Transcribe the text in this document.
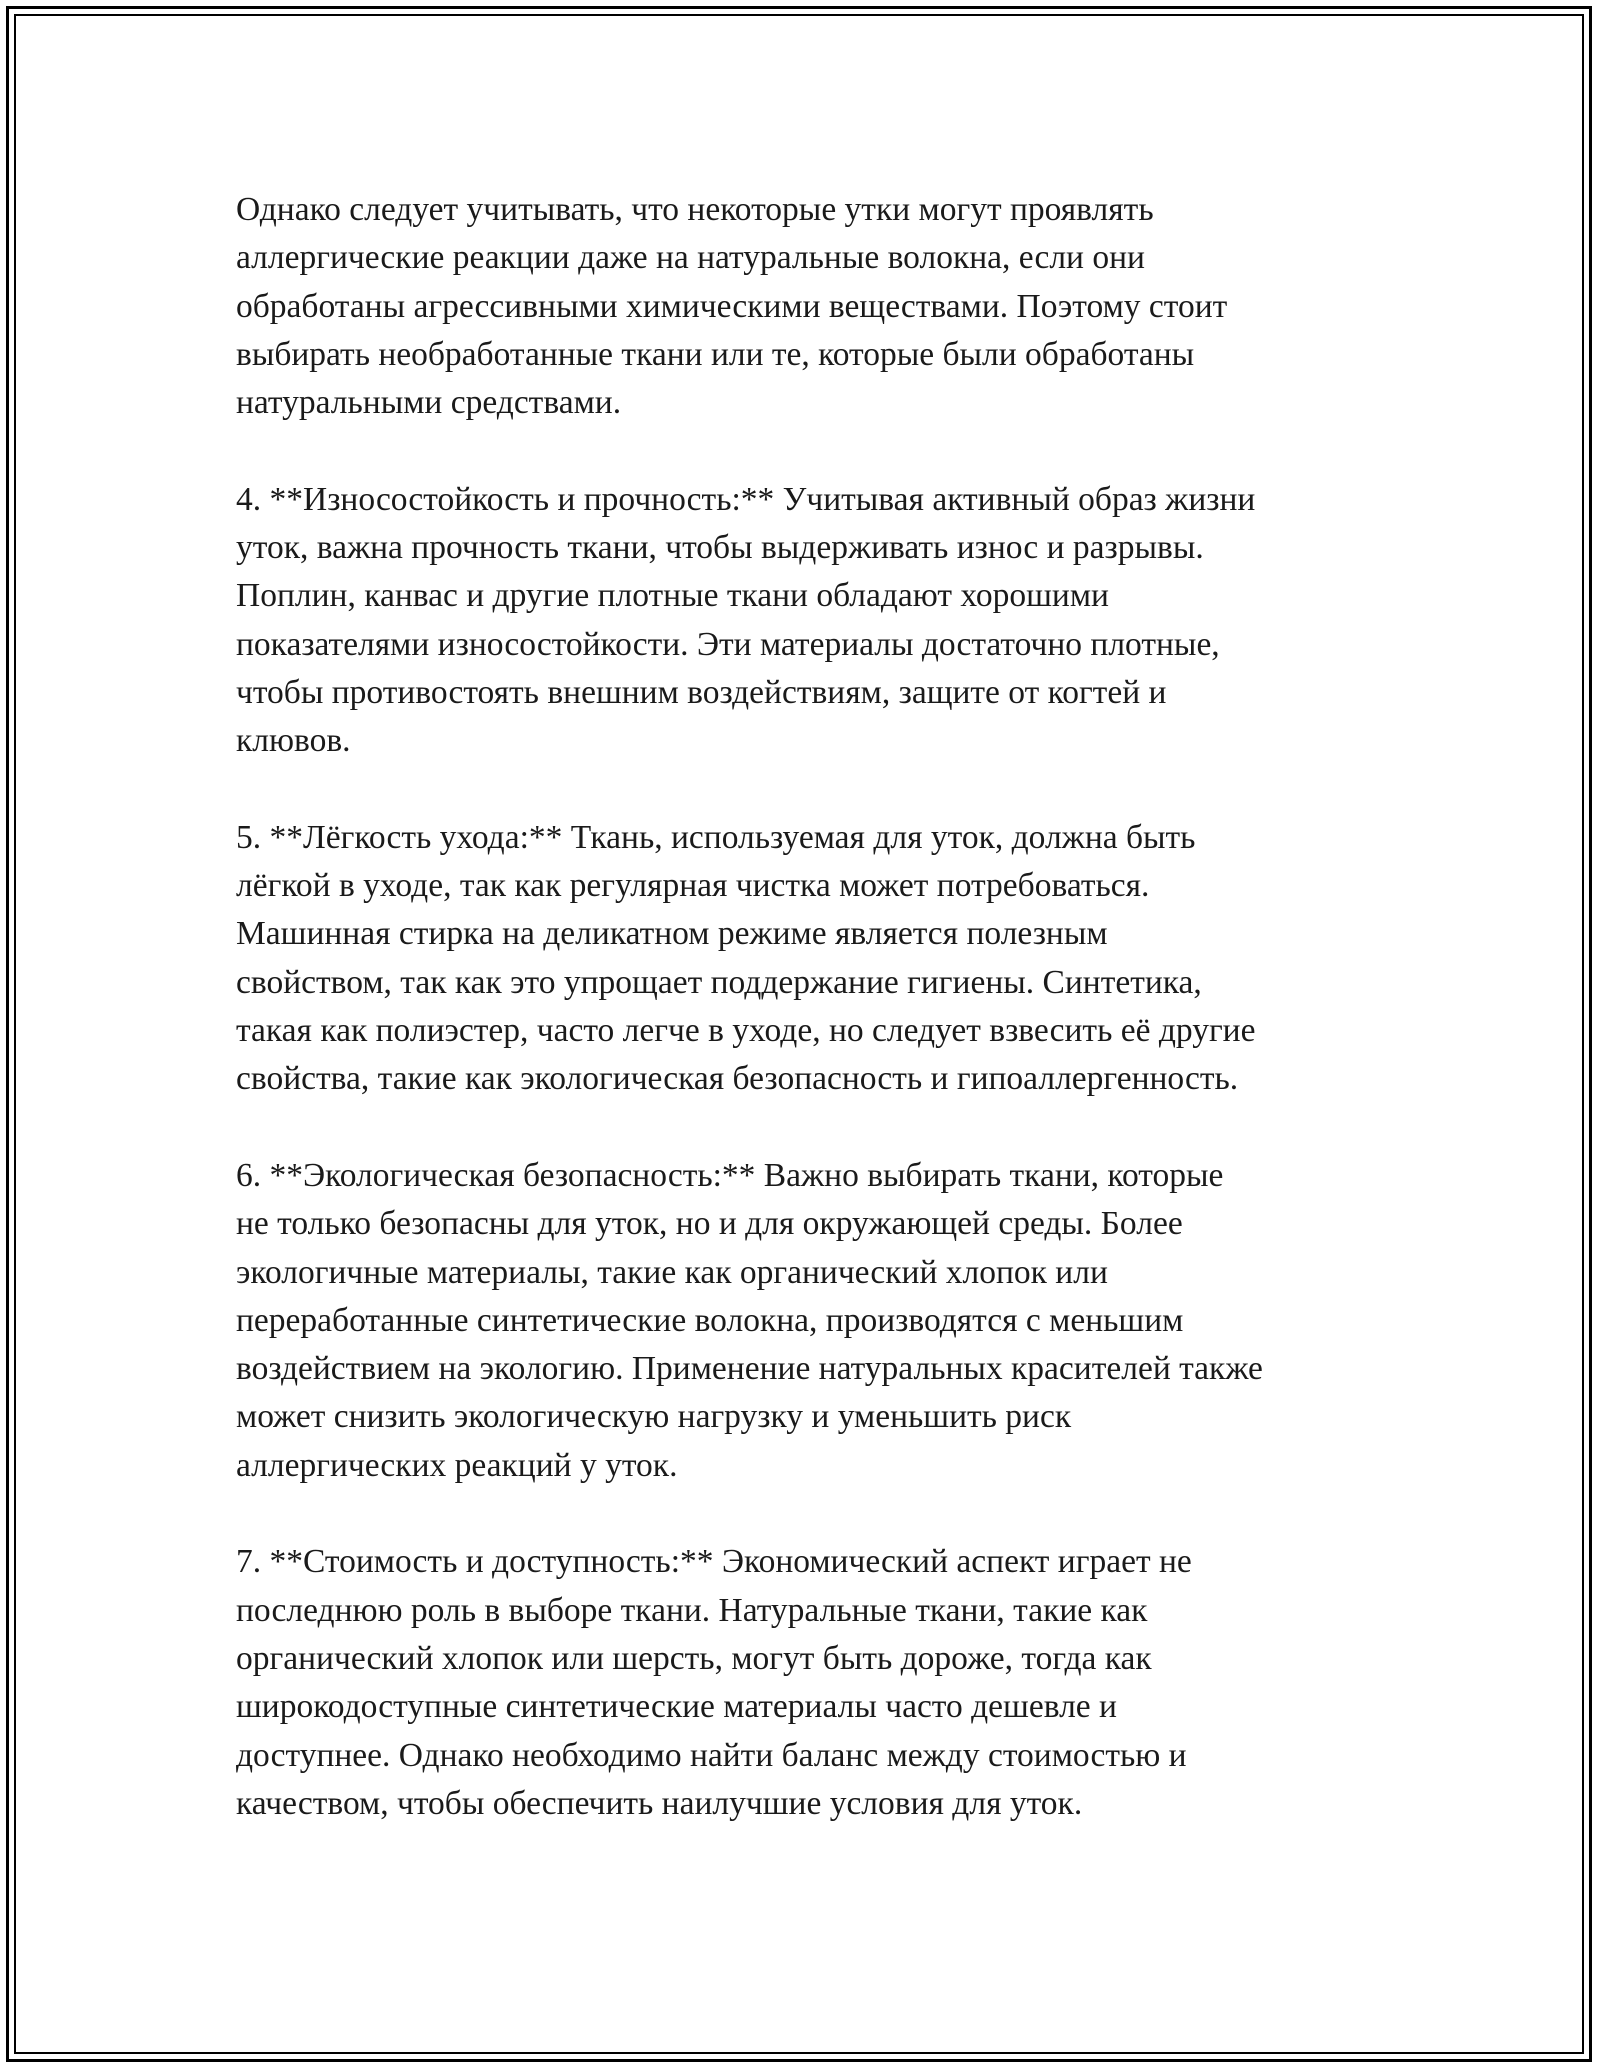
Однако следует учитывать, что некоторые утки могут проявлять
аллергические реакции даже на натуральные волокна, если они
обработаны агрессивными химическими веществами. Поэтому стоит
выбирать необработанные ткани или те, которые были обработаны
натуральными средствами.

4. **Износостойкость и прочность:** Учитывая активный образ жизни
уток, важна прочность ткани, чтобы выдерживать износ и разрывы.
Поплин, канвас и другие плотные ткани обладают хорошими
показателями износостойкости. Эти материалы достаточно плотные,
чтобы противостоять внешним воздействиям, защите от когтей и
клювов.

5. **Лёгкость ухода:** Ткань, используемая для уток, должна быть
лёгкой в уходе, так как регулярная чистка может потребоваться.
Машинная стирка на деликатном режиме является полезным
свойством, так как это упрощает поддержание гигиены. Синтетика,
такая как полиэстер, часто легче в уходе, но следует взвесить её другие
свойства, такие как экологическая безопасность и гипоаллергенность.

6. **Экологическая безопасность:** Важно выбирать ткани, которые
не только безопасны для уток, но и для окружающей среды. Более
экологичные материалы, такие как органический хлопок или
переработанные синтетические волокна, производятся с меньшим
воздействием на экологию. Применение натуральных красителей также
может снизить экологическую нагрузку и уменьшить риск
аллергических реакций у уток.

7. **Стоимость и доступность:** Экономический аспект играет не
последнюю роль в выборе ткани. Натуральные ткани, такие как
органический хлопок или шерсть, могут быть дороже, тогда как
широкодоступные синтетические материалы часто дешевле и
доступнее. Однако необходимо найти баланс между стоимостью и
качеством, чтобы обеспечить наилучшие условия для уток.
